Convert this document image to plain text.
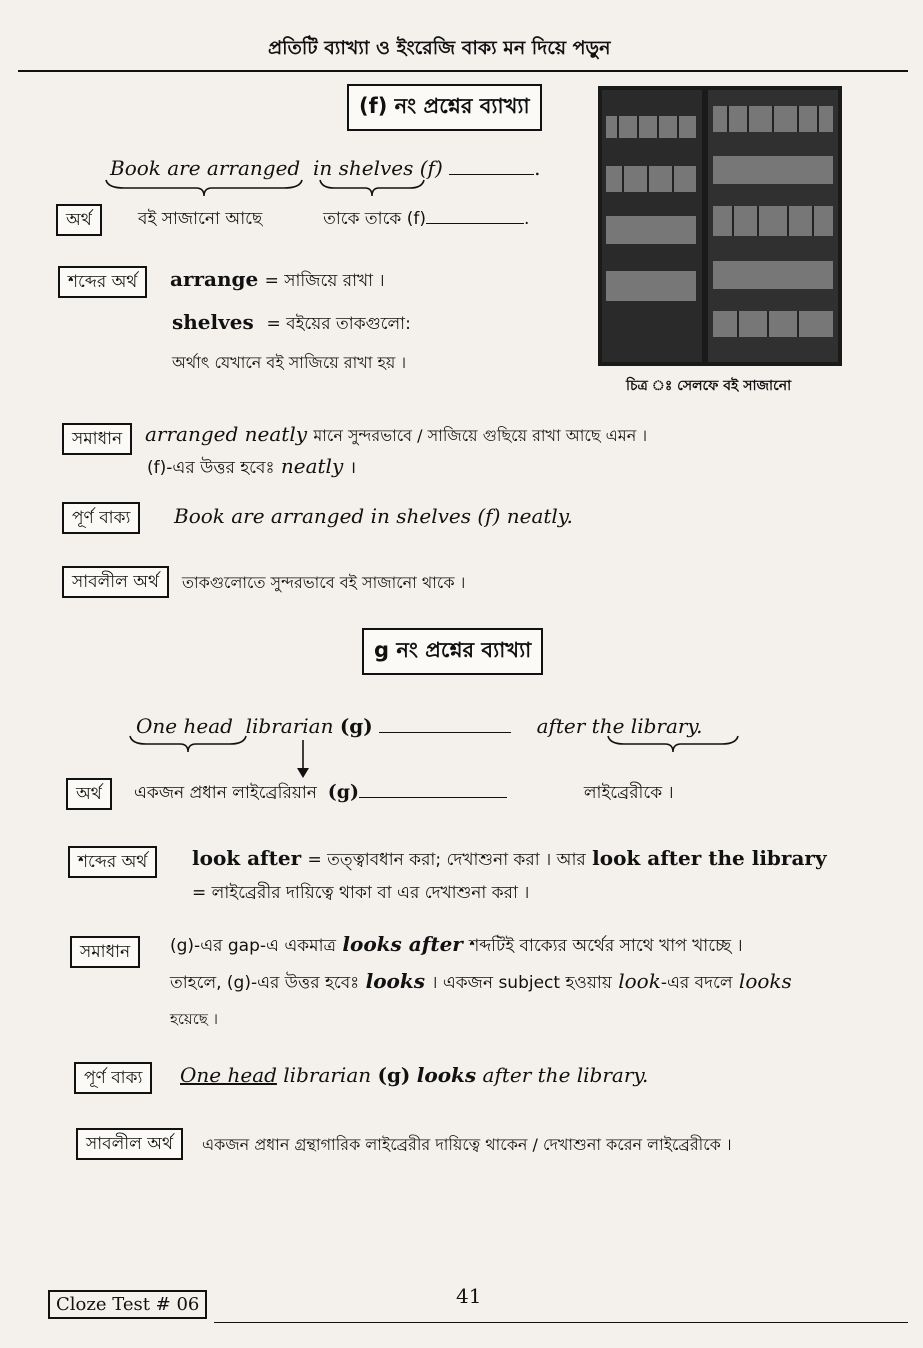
প্রতিটি ব্যাখ্যা ও ইংরেজি বাক্য মন দিয়ে পড়ুন
(f) নং প্রশ্নের ব্যাখ্যা
চিত্র ঃ সেলফে বই সাজানো
Book are arranged in shelves (f)	.
অর্থ	বই সাজানো আছে	তাকে তাকে (f)	.
শব্দের অর্থ	arrange = সাজিয়ে রাখা ।
shelves = বইয়ের তাকগুলো:
অর্থাৎ যেখানে বই সাজিয়ে রাখা হয় ।
সমাধান	arranged neatly মানে সুন্দরভাবে / সাজিয়ে গুছিয়ে রাখা আছে এমন ।
(f)-এর উত্তর হবেঃ neatly ।
পূর্ণ বাক্য	Book are arranged in shelves (f) neatly.
সাবলীল অর্থ	তাকগুলোতে সুন্দরভাবে বই সাজানো থাকে ।
g নং প্রশ্নের ব্যাখ্যা
One head librarian (g)	after the library.
অর্থ	একজন প্রধান লাইব্রেরিয়ান (g)	লাইব্রেরীকে ।
শব্দের অর্থ	look after = তত্ত্বাবধান করা; দেখাশুনা করা । আর look after the library
= লাইব্রেরীর দায়িত্বে থাকা বা এর দেখাশুনা করা ।
সমাধান	(g)-এর gap-এ একমাত্র looks after শব্দটিই বাক্যের অর্থের সাথে খাপ খাচ্ছে ।
তাহলে, (g)-এর উত্তর হবেঃ looks । একজন subject হওয়ায় look-এর বদলে looks
হয়েছে ।
পূর্ণ বাক্য	One head librarian (g) looks after the library.
সাবলীল অর্থ	একজন প্রধান গ্রন্থাগারিক লাইব্রেরীর দায়িত্বে থাকেন / দেখাশুনা করেন লাইব্রেরীকে ।
Cloze Test # 06	41
